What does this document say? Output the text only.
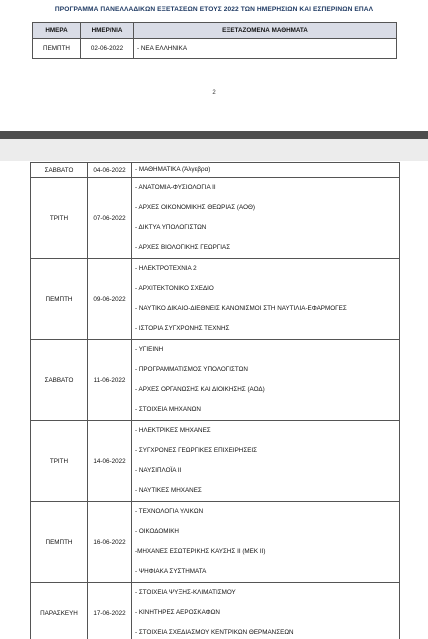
ΠΡΟΓΡΑΜΜΑ ΠΑΝΕΛΛΑΔΙΚΩΝ ΕΞΕΤΑΣΕΩΝ ΕΤΟΥΣ 2022 ΤΩΝ ΗΜΕΡΗΣΙΩΝ ΚΑΙ ΕΣΠΕΡΙΝΩΝ ΕΠΑΛ
ΗΜΕΡΑ	ΗΜΕΡ/ΝΙΑ	ΕΞΕΤΑΖΟΜΕΝΑ ΜΑΘΗΜΑΤΑ
ΠΕΜΠΤΗ	02-06-2022	- ΝΕΑ ΕΛΛΗΝΙΚΑ
2
ΣΑΒΒΑΤΟ	04-06-2022	- ΜΑΘΗΜΑΤΙΚΑ (Άλγεβρα)

ΤΡΙΤΗ	07-06-2022	- ΑΝΑΤΟΜΙΑ-ΦΥΣΙΟΛΟΓΙΑ ΙΙ
- ΑΡΧΕΣ ΟΙΚΟΝΟΜΙΚΗΣ ΘΕΩΡΙΑΣ (ΑΟΘ)
- ΔΙΚΤΥΑ ΥΠΟΛΟΓΙΣΤΩΝ
- ΑΡΧΕΣ ΒΙΟΛΟΓΙΚΗΣ ΓΕΩΡΓΙΑΣ

ΠΕΜΠΤΗ	09-06-2022	- ΗΛΕΚΤΡΟΤΕΧΝΙΑ 2
- ΑΡΧΙΤΕΚΤΟΝΙΚΟ ΣΧΕΔΙΟ
- ΝΑΥΤΙΚΟ ΔΙΚΑΙΟ-ΔΙΕΘΝΕΙΣ ΚΑΝΟΝΙΣΜΟΙ ΣΤΗ ΝΑΥΤΙΛΙΑ-ΕΦΑΡΜΟΓΕΣ
- ΙΣΤΟΡΙΑ ΣΥΓΧΡΟΝΗΣ ΤΕΧΝΗΣ

ΣΑΒΒΑΤΟ	11-06-2022	- ΥΓΙΕΙΝΗ
- ΠΡΟΓΡΑΜΜΑΤΙΣΜΟΣ ΥΠΟΛΟΓΙΣΤΩΝ
- ΑΡΧΕΣ ΟΡΓΑΝΩΣΗΣ ΚΑΙ ΔΙΟΙΚΗΣΗΣ (ΑΟΔ)
- ΣΤΟΙΧΕΙΑ ΜΗΧΑΝΩΝ

ΤΡΙΤΗ	14-06-2022	- ΗΛΕΚΤΡΙΚΕΣ ΜΗΧΑΝΕΣ
- ΣΥΓΧΡΟΝΕΣ ΓΕΩΡΓΙΚΕΣ ΕΠΙΧΕΙΡΗΣΕΙΣ
- ΝΑΥΣΙΠΛΟΪΑ ΙΙ
- ΝΑΥΤΙΚΕΣ ΜΗΧΑΝΕΣ

ΠΕΜΠΤΗ	16-06-2022	- ΤΕΧΝΟΛΟΓΙΑ ΥΛΙΚΩΝ
- ΟΙΚΟΔΟΜΙΚΗ
-ΜΗΧΑΝΕΣ ΕΣΩΤΕΡΙΚΗΣ ΚΑΥΣΗΣ ΙΙ (ΜΕΚ ΙΙ)
- ΨΗΦΙΑΚΑ ΣΥΣΤΗΜΑΤΑ

ΠΑΡΑΣΚΕΥΗ	17-06-2022	- ΣΤΟΙΧΕΙΑ ΨΥΞΗΣ-ΚΛΙΜΑΤΙΣΜΟΥ
- ΚΙΝΗΤΗΡΕΣ ΑΕΡΟΣΚΑΦΩΝ
- ΣΤΟΙΧΕΙΑ ΣΧΕΔΙΑΣΜΟΥ ΚΕΝΤΡΙΚΩΝ ΘΕΡΜΑΝΣΕΩΝ
